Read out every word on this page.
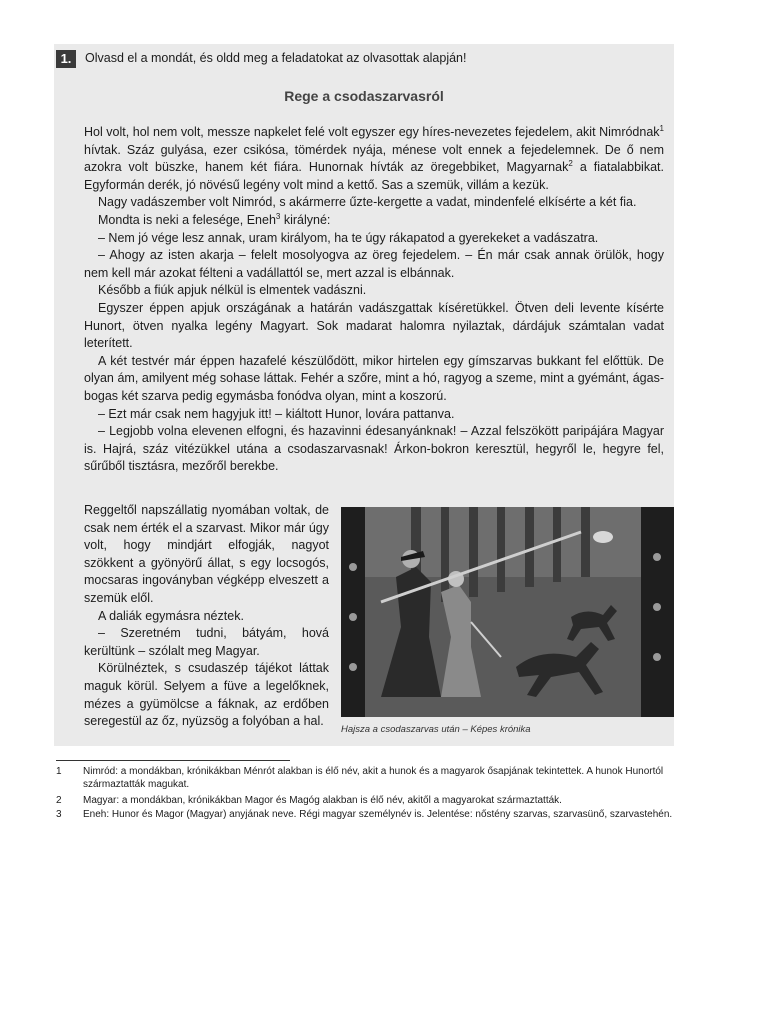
1.	Olvasd el a mondát, és oldd meg a feladatokat az olvasottak alapján!
Rege a csodaszarvasról

Hol volt, hol nem volt, messze napkelet felé volt egyszer egy híres-nevezetes fejedelem, akit Nimródnak$^1$ hívtak. Száz gulyása, ezer csikósa, tömérdek nyája, ménese volt ennek a fejedelemnek. De ő nem azokra volt büszke, hanem két fiára. Hunornak hívták az öregebbiket, Magyarnak$^2$ a fiatalabbikat. Egyformán derék, jó növésű legény volt mind a kettő. Sas a szemük, villám a kezük.

Nagy vadászember volt Nimród, s akármerre űzte-kergette a vadat, mindenfelé elkísérte a két fia.

Mondta is neki a felesége, Eneh$^3$ királyné:

– Nem jó vége lesz annak, uram királyom, ha te úgy rákapatod a gyerekeket a vadászatra.

– Ahogy az isten akarja – felelt mosolyogva az öreg fejedelem. – Én már csak annak örülök, hogy nem kell már azokat félteni a vadállattól se, mert azzal is elbánnak.

Később a fiúk apjuk nélkül is elmentek vadászni.

Egyszer éppen apjuk országának a határán vadászgattak kíséretükkel. Ötven deli levente kísérte Hunort, ötven nyalka legény Magyart. Sok madarat halomra nyilaztak, dárdájuk számtalan vadat leterített.

A két testvér már éppen hazafelé készülődött, mikor hirtelen egy gímszarvas bukkant fel előttük. De olyan ám, amilyent még sohase láttak. Fehér a szőre, mint a hó, ragyog a szeme, mint a gyémánt, ágas-bogas két szarva pedig egymásba fonódva olyan, mint a koszorú.

– Ezt már csak nem hagyjuk itt! – kiáltott Hunor, lovára pattanva.

– Legjobb volna elevenen elfogni, és hazavinni édesanyánknak! – Azzal felszökött paripájára Magyar is. Hajrá, száz vitézükkel utána a csodaszarvasnak! Árkon-bokron keresztül, hegyről le, hegyre fel, sűrűből tisztásra, mezőről berekbe.

Reggeltől napszállatig nyomában voltak, de csak nem érték el a szarvast. Mikor már úgy volt, hogy mindjárt elfogják, nagyot szökkent a gyönyörű állat, s egy locsogós, mocsaras ingoványban végképp elveszett a szemük elől.

A daliák egymásra néztek.

– Szeretném tudni, bátyám, hová kerültünk – szólalt meg Magyar.

Körülnéztek, s csudaszép tájékot láttak maguk körül. Selyem a füve a legelőknek, mézes a gyümölcse a fáknak, az erdőben seregestül az őz, nyüzsög a folyóban a hal.

Hajsza a csodaszarvas után – Képes krónika
1	Nimród: a mondákban, krónikákban Ménrót alakban is élő név, akit a hunok és a magyarok ősapjának tekintettek. A hunok Hunortól származtatták magukat.
2	Magyar: a mondákban, krónikákban Magor és Magóg alakban is élő név, akitől a magyarokat származtatták.
3	Eneh: Hunor és Magor (Magyar) anyjának neve. Régi magyar személynév is. Jelentése: nőstény szarvas, szarvasünő, szarvastehén.
